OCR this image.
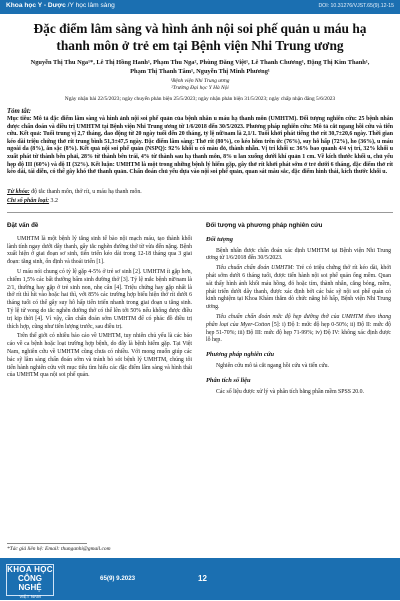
Khoa học Y - Dược /Y học lâm sàng	DOI: 10.31276/VJST.65(9).12-15
Đặc điểm lâm sàng và hình ảnh nội soi phế quản u máu hạ thanh môn ở trẻ em tại Bệnh viện Nhi Trung ương
Nguyễn Thị Thu Nga¹*, Lê Thị Hồng Hanh¹, Phạm Thu Nga², Phùng Đăng Việt¹, Lê Thanh Chương¹, Đặng Thị Kim Thanh¹, Phạm Thị Thanh Tâm¹, Nguyễn Thị Minh Phương¹
¹Bệnh viện Nhi Trung ương
²Trường Đại học Y Hà Nội
Ngày nhận bài 22/5/2023; ngày chuyển phản biện 25/5/2023; ngày nhận phản biện 31/5/2023; ngày chấp nhận đăng 5/6/2023
Tóm tắt:
Mục tiêu: Mô tả đặc điểm lâm sàng và hình ảnh nội soi phế quản của bệnh nhân u máu hạ thanh môn (UMHTM). Đối tượng nghiên cứu: 25 bệnh nhân được chẩn đoán và điều trị UMHTM tại Bệnh viện Nhi Trung ương từ 1/6/2018 đến 30/5/2023. Phương pháp nghiên cứu: Mô tả cắt ngang hồi cứu và tiến cứu. Kết quả: Tuổi trung vị 2,7 tháng, đao động từ 20 ngày tuổi đến 20 tháng, tỷ lệ nữ/nam là 2,1/1. Tuổi khởi phát tiếng thở rít 30,7±20,6 ngày. Thời gian kéo dài triệu chứng thở rít trung bình 51,3±47,5 ngày. Đặc điểm lâm sàng: Thở rít (80%), co kéo hõm trên ức (76%), suy hô hấp (72%), ho (36%), u máu ngoài da (8%), ăn sặc (8%). Kết quả nội soi phế quản (NSPQ): 92% khối u có màu đỏ, thành nhẵn. Vị trí khối u: 36% bao quanh 4/4 vị trí, 32% khối u xuất phát từ thành bên phải, 28% từ thành bên trái, 4% từ thành sau hạ thanh môn, 8% u lan xuống dưới khí quản 1 cm. Về kích thước khối u, chủ yếu hẹp độ III (60%) và độ II (32%). Kết luận: UMHTM là một trong những bệnh lý hiếm gặp, gây thở rít khởi phát sớm ở trẻ dưới 6 tháng, đặc điểm thở rít kéo dài, tái diễn, có thể gây khó thở thanh quản. Chẩn đoán chủ yếu dựa vào nội soi phế quản, quan sát màu sắc, đặc điểm hình thái, kích thước khối u.
Từ khóa: độ tắc thanh môn, thở rít, u máu hạ thanh môn.
Chỉ số phân loại: 3.2
Đặt vấn đề

UMHTM là một bệnh lý tăng sinh tế bào nội mạch máu, tạo thành khối lành tính ngay dưới dây thanh, gây tắc nghẽn đường thở từ vừa đến nặng. Bệnh xuất hiện ở giai đoạn sơ sinh, tiến triển kéo dài trong 12-18 tháng qua 3 giai đoạn: tăng sinh, ổn định và thoái triển [1].

U máu nói chung có tỷ lệ gặp 4-5% ở trẻ sơ sinh [2]. UMHTM ít gặp hơn, chiếm 1,5% các bất thường bẩm sinh đường thở [3]. Tỷ lệ mắc bệnh nữ/nam là 2/1, thường hay gặp ở trẻ sinh non, nhẹ cân [4]. Triệu chứng hay gặp nhất là thở rít thì hít vào hoặc hai thì, với 85% các trường hợp biểu hiện thở rít dưới 6 tháng tuổi có thể gây suy hô hấp tiến triển nhanh trong giai đoạn u tăng sinh. Tỷ lệ tử vong do tắc nghẽn đường thở có thể lên tới 50% nếu không được điều trị kịp thời [4]. Vì vậy, cần chẩn đoán sớm UMHTM để có phác đồ điều trị thích hợp, cũng như tiên lượng trước, sau điều trị.

Trên thế giới có nhiều báo cáo về UMHTM, tuy nhiên chủ yếu là các báo cáo về ca bệnh hoặc loạt trường hợp bệnh, do đây là bệnh hiếm gặp. Tại Việt Nam, nghiên cứu về UMHTM cũng chưa có nhiều. Với mong muốn giúp các bác sỹ lâm sàng chẩn đoán sớm và tránh bỏ sót bệnh lý UMHTM, chúng tôi tiến hành nghiên cứu với mục tiêu tìm hiểu các đặc điểm lâm sàng và hình thái của UMHTM qua nội soi phế quản.

Đối tượng và phương pháp nghiên cứu
Đối tượng

Bệnh nhân được chẩn đoán xác định UMHTM tại Bệnh viện Nhi Trung ương từ 1/6/2018 đến 30/5/2023.

Tiêu chuẩn chẩn đoán UMHTM: Trẻ có triệu chứng thở rít kéo dài, khởi phát sớm dưới 6 tháng tuổi, được tiến hành nội soi phế quản ống mềm. Quan sát thấy hình ảnh khối máu hồng, đỏ hoặc tím, thành nhẵn, căng bóng, mềm, phát triển dưới dây thanh, được xác định bởi các bác sỹ nội soi phế quản có kinh nghiệm tại Khoa Khám thăm dò chức năng hô hấp, Bệnh viện Nhi Trung ương.

Tiêu chuẩn chẩn đoán mức độ hẹp đường thở của UMHTM theo thang phân loại của Myer-Cotton [5]: i) Độ I: mức độ hẹp 0-50%; ii) Độ II: mức độ hẹp 51-70%; iii) Độ III: mức độ hẹp 71-99%; iv) Độ IV: không xác định được lỗ hẹp.

Phương pháp nghiên cứu

Nghiên cứu mô tả cắt ngang hồi cứu và tiến cứu.

Phân tích số liệu

Các số liệu được xử lý và phân tích bằng phần mềm SPSS 20.0.

*Tác giả liên hệ: Email: thunganhi@gmail.com
KHOA HỌC
CÔNG NGHỆ
VIỆT NAM
65(9) 9.2023	12
